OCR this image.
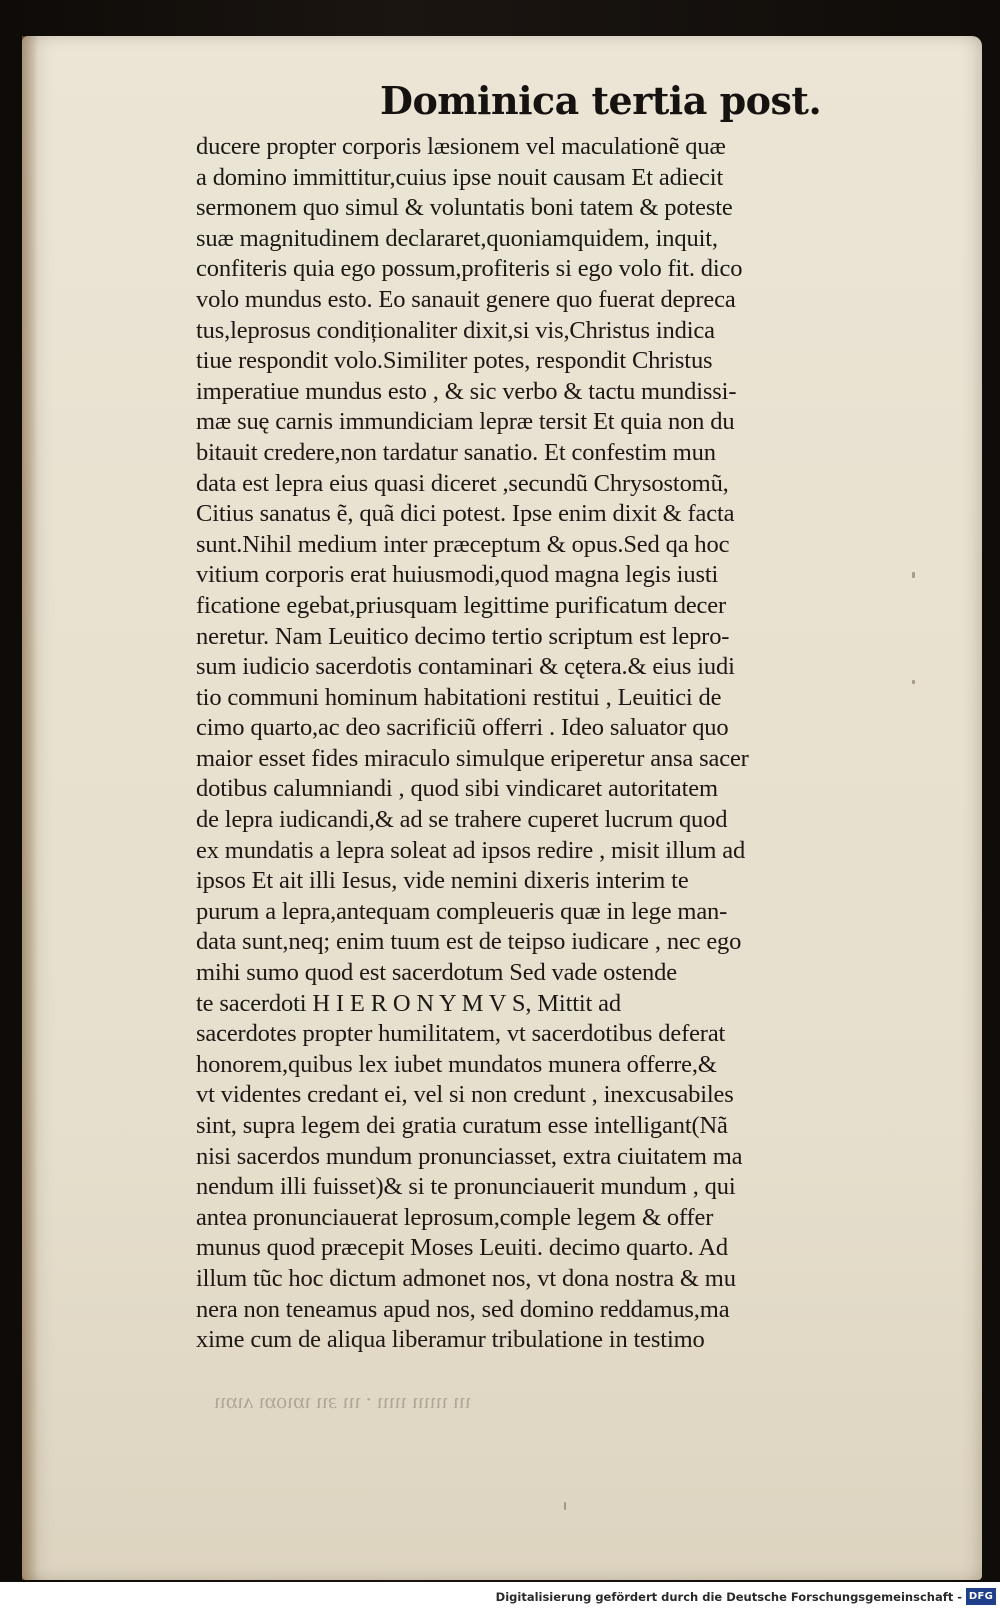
Dominica tertia post.
ducere propter corporis læsionem vel maculationẽ quæ
a domino immittitur,cuius ipse nouit causam Et adiecit
sermonem quo simul & voluntatis boni tatem & poteste
suæ magnitudinem declararet,quoniamquidem, inquit,
confiteris quia ego possum,profiteris si ego volo fit. dico
volo mundus esto. Eo sanauit genere quo fuerat depreca
tus,leprosus condiționaliter dixit,si vis,Christus indica
tiue respondit volo.Similiter potes, respondit Christus
imperatiue mundus esto , & sic verbo & tactu mundissi-
mæ suę carnis immundiciam lepræ tersit Et quia non du
bitauit credere,non tardatur sanatio. Et confestim mun
data est lepra eius quasi diceret ,secundũ Chrysostomũ,
Citius sanatus ẽ, quã dici potest. Ipse enim dixit & facta
sunt.Nihil medium inter præceptum & opus.Sed qa hoc
vitium corporis erat huiusmodi,quod magna legis iusti
ficatione egebat,priusquam legittime purificatum decer
neretur. Nam Leuitico decimo tertio scriptum est lepro-
sum iudicio sacerdotis contaminari & cętera.& eius iudi
tio communi hominum habitationi restitui , Leuitici de
cimo quarto,ac deo sacrificiũ offerri . Ideo saluator quo
maior esset fides miraculo simulque eriperetur ansa sacer
dotibus calumniandi , quod sibi vindicaret autoritatem
de lepra iudicandi,& ad se trahere cuperet lucrum quod
ex mundatis a lepra soleat ad ipsos redire , misit illum ad
ipsos Et ait illi Iesus, vide nemini dixeris interim te
purum a lepra,antequam compleueris quæ in lege man-
data sunt,neq; enim tuum est de teipso iudicare , nec ego
mihi sumo quod est sacerdotum Sed vade ostende
te sacerdoti H I E R O N Y M V S, Mittit ad
sacerdotes propter humilitatem, vt sacerdotibus deferat
honorem,quibus lex iubet mundatos munera offerre,&
vt videntes credant ei, vel si non credunt , inexcusabiles
sint, supra legem dei gratia curatum esse intelligant(Nã
nisi sacerdos mundum pronunciasset, extra ciuitatem ma
nendum illi fuisset)& si te pronunciauerit mundum , qui
antea pronunciauerat leprosum,comple legem & offer
munus quod præcepit Moses Leuiti. decimo quarto. Ad
illum tũc hoc dictum admonet nos, vt dona nostra & mu
nera non teneamus apud nos, sed domino reddamus,ma
xime cum de aliqua liberamur tribulatione in testimo
ιιαιν ιαοιαι ιιε ιιι . ιιιιι ιιιιιι ιιι
Digitalisierung gefördert durch die Deutsche Forschungsgemeinschaft - DFG
